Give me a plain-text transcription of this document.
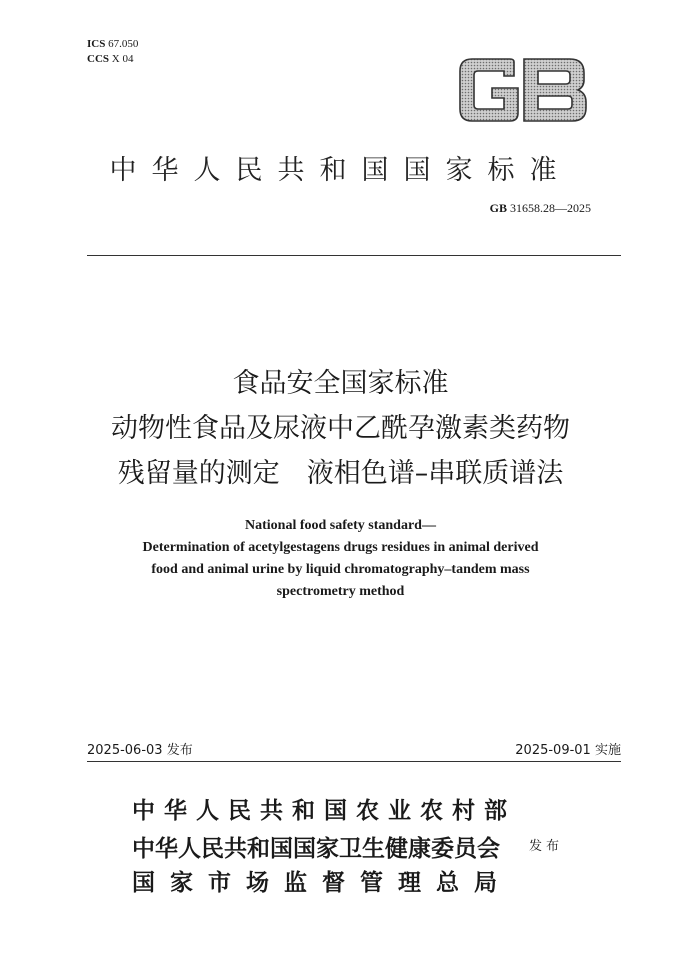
ICS 67.050
CCS X 04
中华人民共和国国家标准
GB 31658.28—2025
食品安全国家标准
动物性食品及尿液中乙酰孕激素类药物
残留量的测定　液相色谱–串联质谱法
National food safety standard—
Determination of acetylgestagens drugs residues in animal derived
food and animal urine by liquid chromatography–tandem mass
spectrometry method
2025-06-03 发布	2025-09-01 实施
中华人民共和国农业农村部
中华人民共和国国家卫生健康委员会
国家市场监督管理总局
发布
